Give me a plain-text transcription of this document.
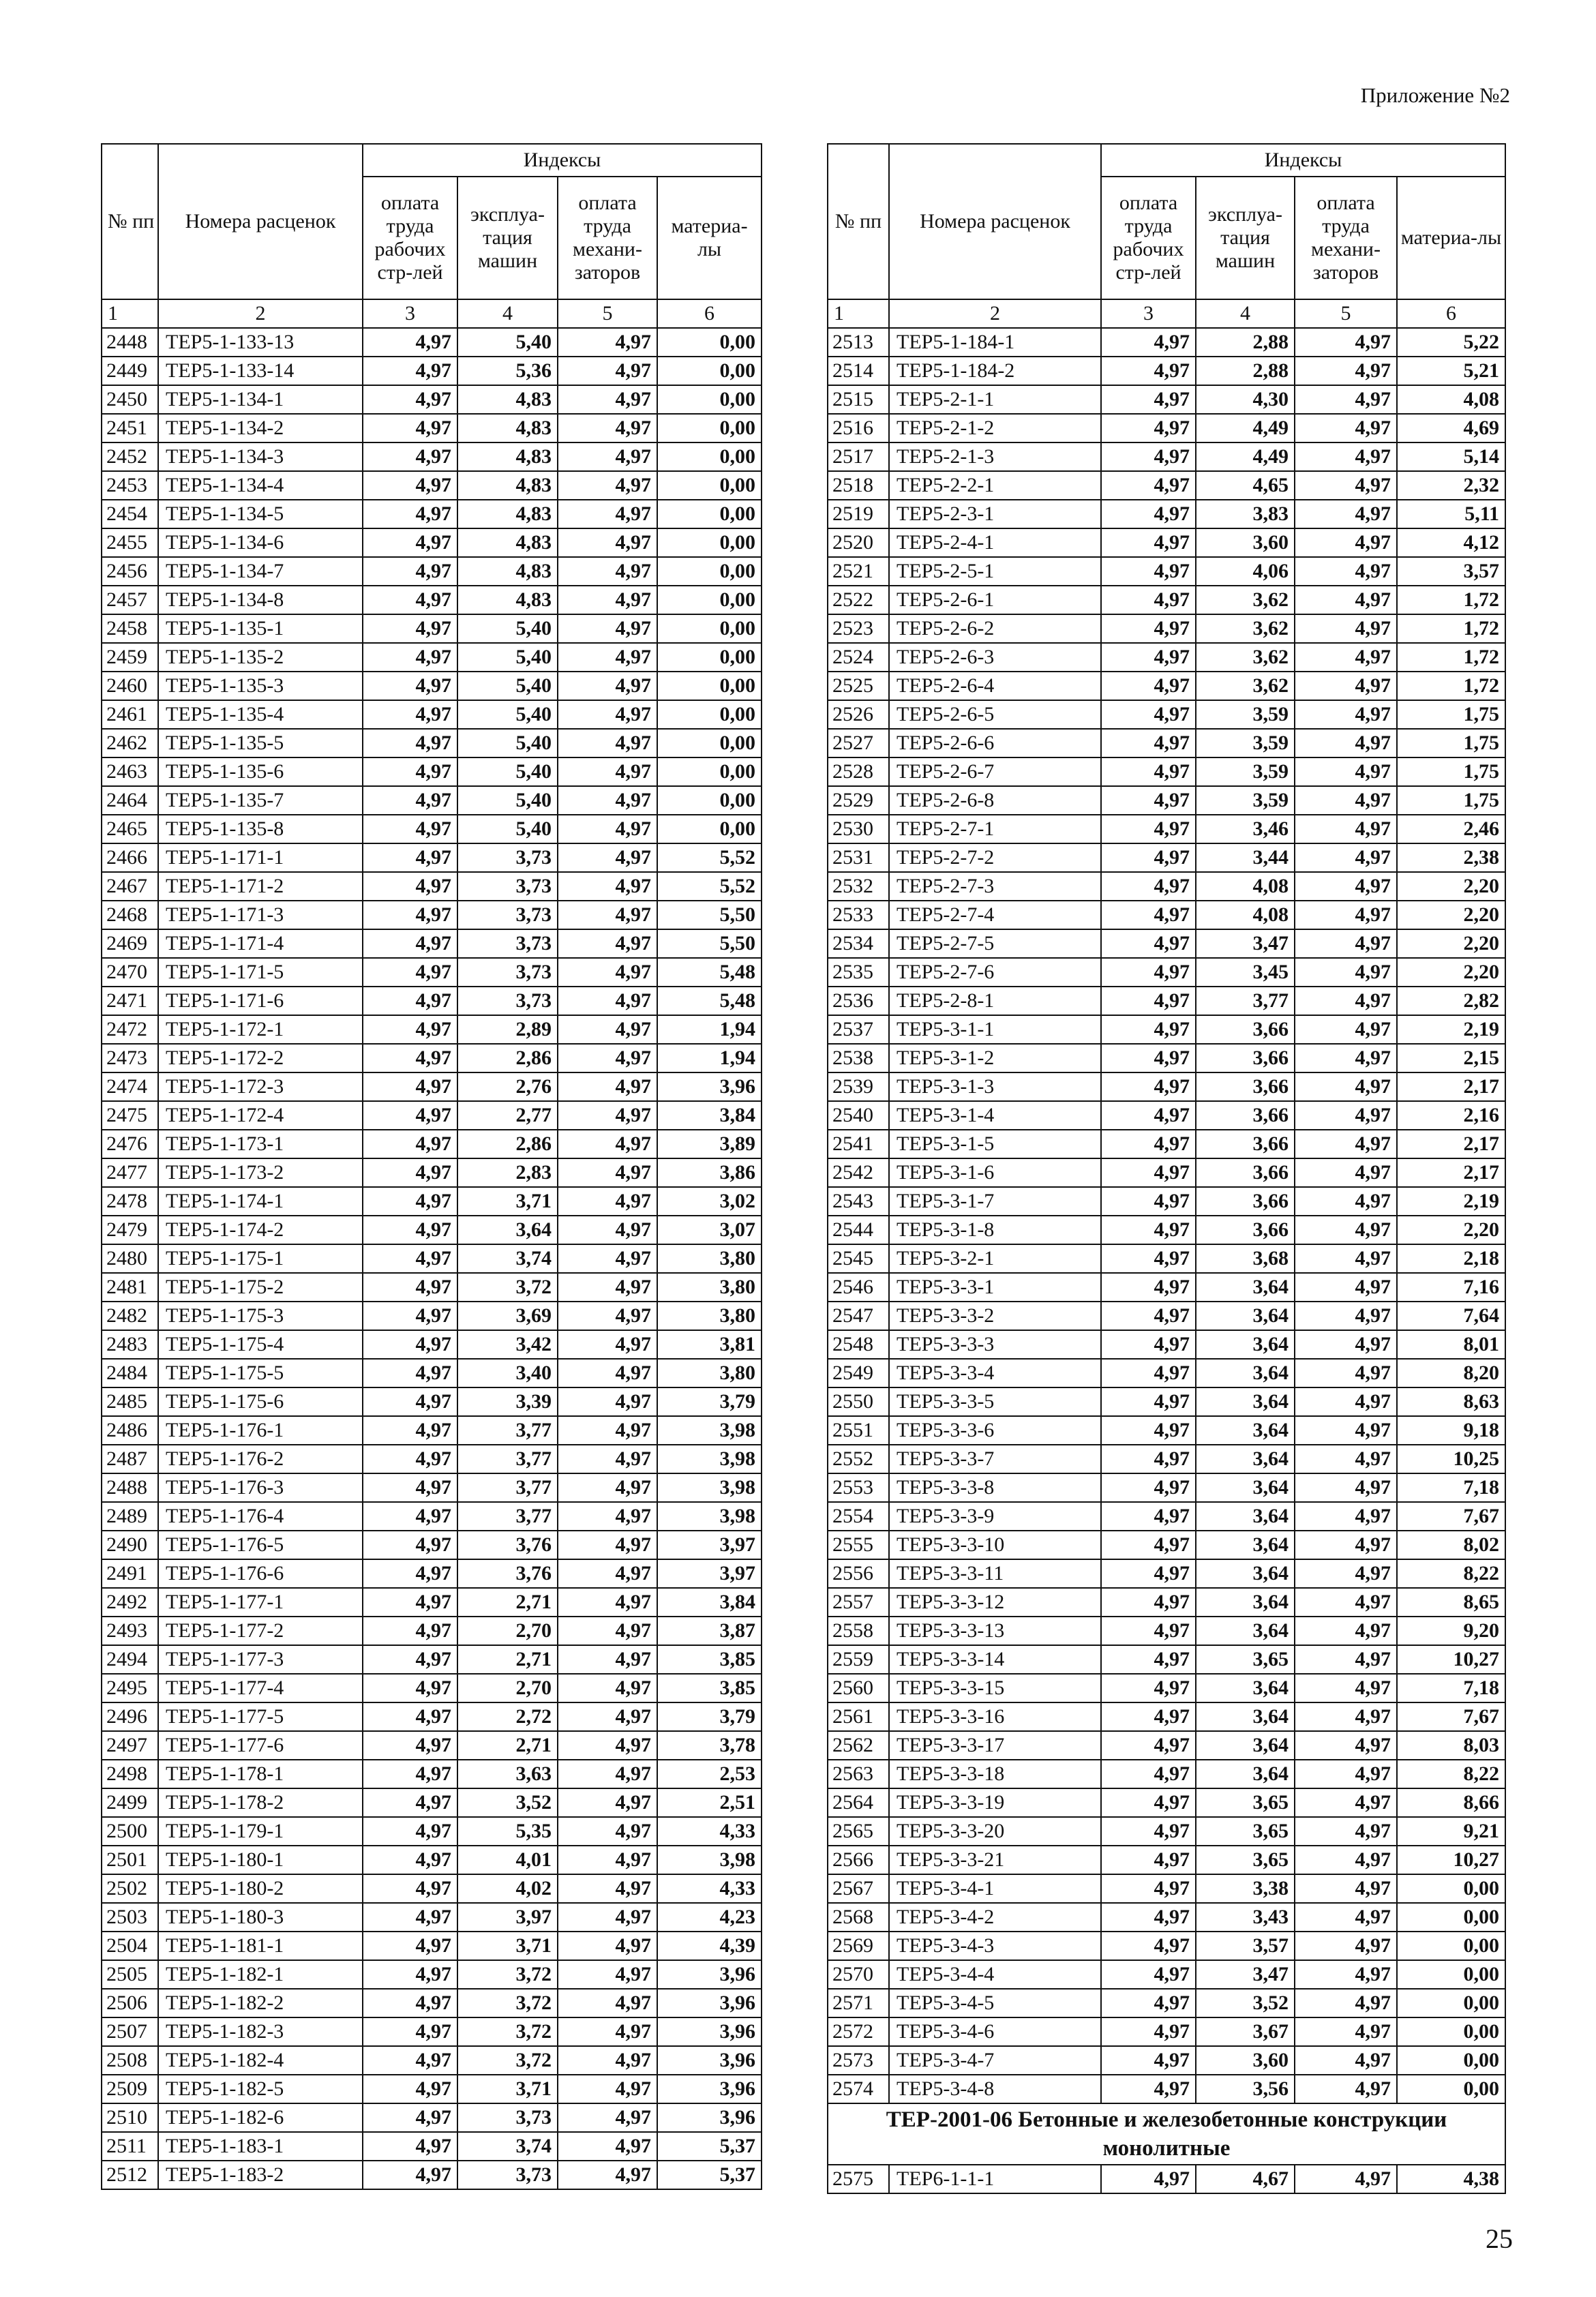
Приложение №2
№ пп	Номера расценок	Индексы			
		оплата труда рабочих стр-лей	эксплуа-тация машин	оплата труда механи-заторов	материа-лы
1	2	3	4	5	6
2448	ТЕР5-1-133-13	4,97	5,40	4,97	0,00
2449	ТЕР5-1-133-14	4,97	5,36	4,97	0,00
2450	ТЕР5-1-134-1	4,97	4,83	4,97	0,00
2451	ТЕР5-1-134-2	4,97	4,83	4,97	0,00
2452	ТЕР5-1-134-3	4,97	4,83	4,97	0,00
2453	ТЕР5-1-134-4	4,97	4,83	4,97	0,00
2454	ТЕР5-1-134-5	4,97	4,83	4,97	0,00
2455	ТЕР5-1-134-6	4,97	4,83	4,97	0,00
2456	ТЕР5-1-134-7	4,97	4,83	4,97	0,00
2457	ТЕР5-1-134-8	4,97	4,83	4,97	0,00
2458	ТЕР5-1-135-1	4,97	5,40	4,97	0,00
2459	ТЕР5-1-135-2	4,97	5,40	4,97	0,00
2460	ТЕР5-1-135-3	4,97	5,40	4,97	0,00
2461	ТЕР5-1-135-4	4,97	5,40	4,97	0,00
2462	ТЕР5-1-135-5	4,97	5,40	4,97	0,00
2463	ТЕР5-1-135-6	4,97	5,40	4,97	0,00
2464	ТЕР5-1-135-7	4,97	5,40	4,97	0,00
2465	ТЕР5-1-135-8	4,97	5,40	4,97	0,00
2466	ТЕР5-1-171-1	4,97	3,73	4,97	5,52
2467	ТЕР5-1-171-2	4,97	3,73	4,97	5,52
2468	ТЕР5-1-171-3	4,97	3,73	4,97	5,50
2469	ТЕР5-1-171-4	4,97	3,73	4,97	5,50
2470	ТЕР5-1-171-5	4,97	3,73	4,97	5,48
2471	ТЕР5-1-171-6	4,97	3,73	4,97	5,48
2472	ТЕР5-1-172-1	4,97	2,89	4,97	1,94
2473	ТЕР5-1-172-2	4,97	2,86	4,97	1,94
2474	ТЕР5-1-172-3	4,97	2,76	4,97	3,96
2475	ТЕР5-1-172-4	4,97	2,77	4,97	3,84
2476	ТЕР5-1-173-1	4,97	2,86	4,97	3,89
2477	ТЕР5-1-173-2	4,97	2,83	4,97	3,86
2478	ТЕР5-1-174-1	4,97	3,71	4,97	3,02
2479	ТЕР5-1-174-2	4,97	3,64	4,97	3,07
2480	ТЕР5-1-175-1	4,97	3,74	4,97	3,80
2481	ТЕР5-1-175-2	4,97	3,72	4,97	3,80
2482	ТЕР5-1-175-3	4,97	3,69	4,97	3,80
2483	ТЕР5-1-175-4	4,97	3,42	4,97	3,81
2484	ТЕР5-1-175-5	4,97	3,40	4,97	3,80
2485	ТЕР5-1-175-6	4,97	3,39	4,97	3,79
2486	ТЕР5-1-176-1	4,97	3,77	4,97	3,98
2487	ТЕР5-1-176-2	4,97	3,77	4,97	3,98
2488	ТЕР5-1-176-3	4,97	3,77	4,97	3,98
2489	ТЕР5-1-176-4	4,97	3,77	4,97	3,98
2490	ТЕР5-1-176-5	4,97	3,76	4,97	3,97
2491	ТЕР5-1-176-6	4,97	3,76	4,97	3,97
2492	ТЕР5-1-177-1	4,97	2,71	4,97	3,84
2493	ТЕР5-1-177-2	4,97	2,70	4,97	3,87
2494	ТЕР5-1-177-3	4,97	2,71	4,97	3,85
2495	ТЕР5-1-177-4	4,97	2,70	4,97	3,85
2496	ТЕР5-1-177-5	4,97	2,72	4,97	3,79
2497	ТЕР5-1-177-6	4,97	2,71	4,97	3,78
2498	ТЕР5-1-178-1	4,97	3,63	4,97	2,53
2499	ТЕР5-1-178-2	4,97	3,52	4,97	2,51
2500	ТЕР5-1-179-1	4,97	5,35	4,97	4,33
2501	ТЕР5-1-180-1	4,97	4,01	4,97	3,98
2502	ТЕР5-1-180-2	4,97	4,02	4,97	4,33
2503	ТЕР5-1-180-3	4,97	3,97	4,97	4,23
2504	ТЕР5-1-181-1	4,97	3,71	4,97	4,39
2505	ТЕР5-1-182-1	4,97	3,72	4,97	3,96
2506	ТЕР5-1-182-2	4,97	3,72	4,97	3,96
2507	ТЕР5-1-182-3	4,97	3,72	4,97	3,96
2508	ТЕР5-1-182-4	4,97	3,72	4,97	3,96
2509	ТЕР5-1-182-5	4,97	3,71	4,97	3,96
2510	ТЕР5-1-182-6	4,97	3,73	4,97	3,96
2511	ТЕР5-1-183-1	4,97	3,74	4,97	5,37
2512	ТЕР5-1-183-2	4,97	3,73	4,97	5,37
№ пп	Номера расценок	Индексы			
		оплата труда рабочих стр-лей	эксплуа-тация машин	оплата труда механи-заторов	материа-лы
1	2	3	4	5	6
2513	ТЕР5-1-184-1	4,97	2,88	4,97	5,22
2514	ТЕР5-1-184-2	4,97	2,88	4,97	5,21
2515	ТЕР5-2-1-1	4,97	4,30	4,97	4,08
2516	ТЕР5-2-1-2	4,97	4,49	4,97	4,69
2517	ТЕР5-2-1-3	4,97	4,49	4,97	5,14
2518	ТЕР5-2-2-1	4,97	4,65	4,97	2,32
2519	ТЕР5-2-3-1	4,97	3,83	4,97	5,11
2520	ТЕР5-2-4-1	4,97	3,60	4,97	4,12
2521	ТЕР5-2-5-1	4,97	4,06	4,97	3,57
2522	ТЕР5-2-6-1	4,97	3,62	4,97	1,72
2523	ТЕР5-2-6-2	4,97	3,62	4,97	1,72
2524	ТЕР5-2-6-3	4,97	3,62	4,97	1,72
2525	ТЕР5-2-6-4	4,97	3,62	4,97	1,72
2526	ТЕР5-2-6-5	4,97	3,59	4,97	1,75
2527	ТЕР5-2-6-6	4,97	3,59	4,97	1,75
2528	ТЕР5-2-6-7	4,97	3,59	4,97	1,75
2529	ТЕР5-2-6-8	4,97	3,59	4,97	1,75
2530	ТЕР5-2-7-1	4,97	3,46	4,97	2,46
2531	ТЕР5-2-7-2	4,97	3,44	4,97	2,38
2532	ТЕР5-2-7-3	4,97	4,08	4,97	2,20
2533	ТЕР5-2-7-4	4,97	4,08	4,97	2,20
2534	ТЕР5-2-7-5	4,97	3,47	4,97	2,20
2535	ТЕР5-2-7-6	4,97	3,45	4,97	2,20
2536	ТЕР5-2-8-1	4,97	3,77	4,97	2,82
2537	ТЕР5-3-1-1	4,97	3,66	4,97	2,19
2538	ТЕР5-3-1-2	4,97	3,66	4,97	2,15
2539	ТЕР5-3-1-3	4,97	3,66	4,97	2,17
2540	ТЕР5-3-1-4	4,97	3,66	4,97	2,16
2541	ТЕР5-3-1-5	4,97	3,66	4,97	2,17
2542	ТЕР5-3-1-6	4,97	3,66	4,97	2,17
2543	ТЕР5-3-1-7	4,97	3,66	4,97	2,19
2544	ТЕР5-3-1-8	4,97	3,66	4,97	2,20
2545	ТЕР5-3-2-1	4,97	3,68	4,97	2,18
2546	ТЕР5-3-3-1	4,97	3,64	4,97	7,16
2547	ТЕР5-3-3-2	4,97	3,64	4,97	7,64
2548	ТЕР5-3-3-3	4,97	3,64	4,97	8,01
2549	ТЕР5-3-3-4	4,97	3,64	4,97	8,20
2550	ТЕР5-3-3-5	4,97	3,64	4,97	8,63
2551	ТЕР5-3-3-6	4,97	3,64	4,97	9,18
2552	ТЕР5-3-3-7	4,97	3,64	4,97	10,25
2553	ТЕР5-3-3-8	4,97	3,64	4,97	7,18
2554	ТЕР5-3-3-9	4,97	3,64	4,97	7,67
2555	ТЕР5-3-3-10	4,97	3,64	4,97	8,02
2556	ТЕР5-3-3-11	4,97	3,64	4,97	8,22
2557	ТЕР5-3-3-12	4,97	3,64	4,97	8,65
2558	ТЕР5-3-3-13	4,97	3,64	4,97	9,20
2559	ТЕР5-3-3-14	4,97	3,65	4,97	10,27
2560	ТЕР5-3-3-15	4,97	3,64	4,97	7,18
2561	ТЕР5-3-3-16	4,97	3,64	4,97	7,67
2562	ТЕР5-3-3-17	4,97	3,64	4,97	8,03
2563	ТЕР5-3-3-18	4,97	3,64	4,97	8,22
2564	ТЕР5-3-3-19	4,97	3,65	4,97	8,66
2565	ТЕР5-3-3-20	4,97	3,65	4,97	9,21
2566	ТЕР5-3-3-21	4,97	3,65	4,97	10,27
2567	ТЕР5-3-4-1	4,97	3,38	4,97	0,00
2568	ТЕР5-3-4-2	4,97	3,43	4,97	0,00
2569	ТЕР5-3-4-3	4,97	3,57	4,97	0,00
2570	ТЕР5-3-4-4	4,97	3,47	4,97	0,00
2571	ТЕР5-3-4-5	4,97	3,52	4,97	0,00
2572	ТЕР5-3-4-6	4,97	3,67	4,97	0,00
2573	ТЕР5-3-4-7	4,97	3,60	4,97	0,00
2574	ТЕР5-3-4-8	4,97	3,56	4,97	0,00
ТЕР-2001-06 Бетонные и железобетонные конструкции монолитные					
2575	ТЕР6-1-1-1	4,97	4,67	4,97	4,38
25
